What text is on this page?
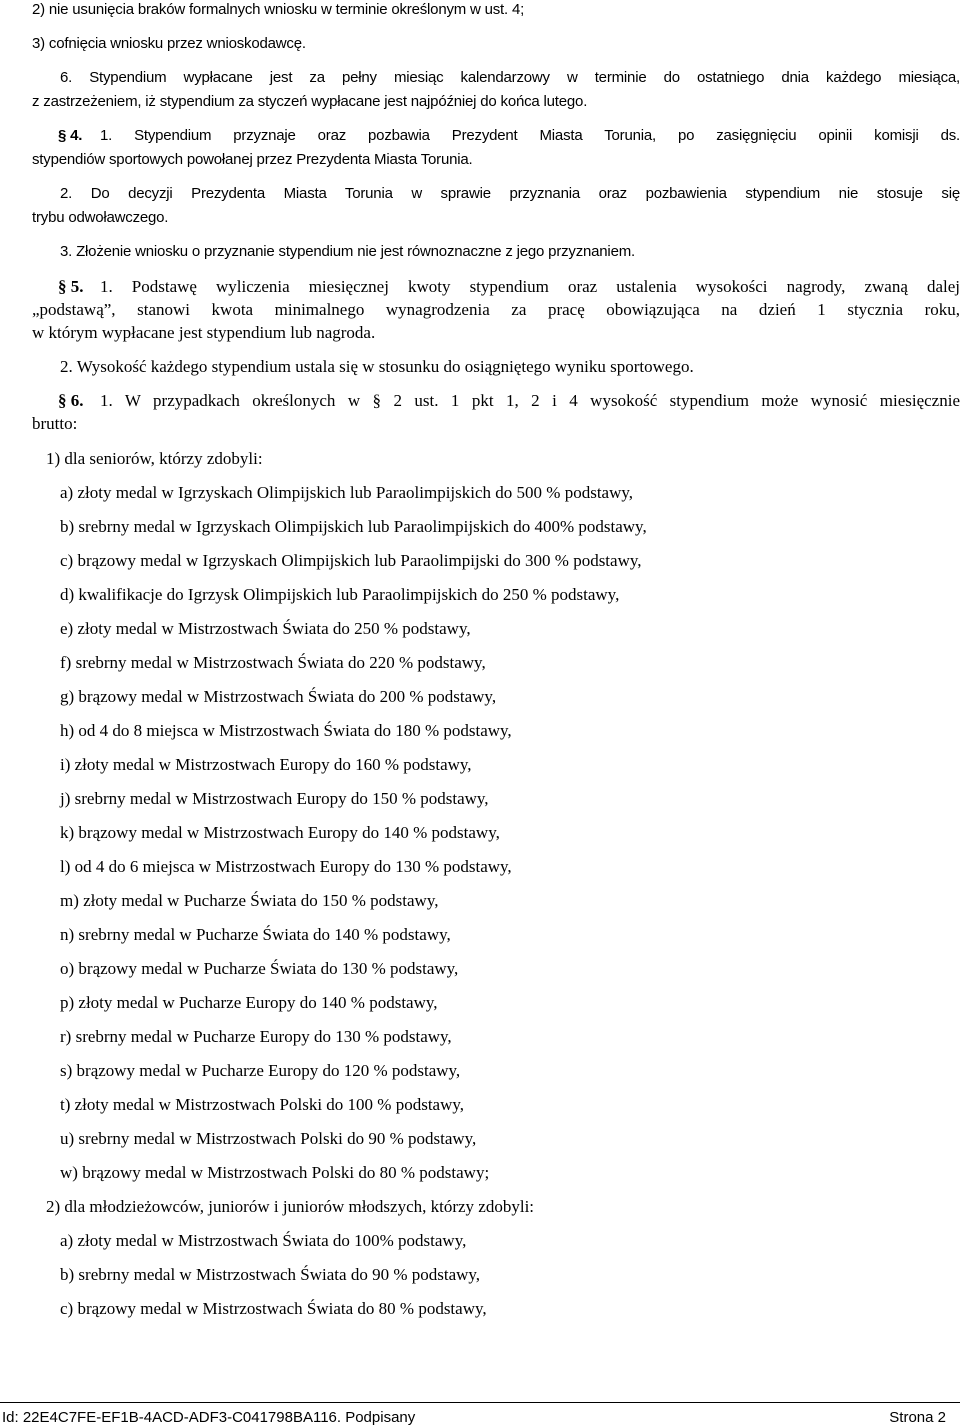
2) nie usunięcia braków formalnych wniosku w terminie określonym w ust. 4;
3) cofnięcia wniosku przez wnioskodawcę.
6. Stypendium wypłacane jest za pełny miesiąc kalendarzowy w terminie do ostatniego dnia każdego miesiąca,
z zastrzeżeniem, iż stypendium za styczeń wypłacane jest najpóźniej do końca lutego.
§ 4. 1. Stypendium przyznaje oraz pozbawia Prezydent Miasta Torunia, po zasięgnięciu opinii komisji ds.
stypendiów sportowych powołanej przez Prezydenta Miasta Torunia.
2. Do decyzji Prezydenta Miasta Torunia w sprawie przyznania oraz pozbawienia stypendium nie stosuje się
trybu odwoławczego.
3. Złożenie wniosku o przyznanie stypendium nie jest równoznaczne z jego przyznaniem.
§ 5. 1. Podstawę wyliczenia miesięcznej kwoty stypendium oraz ustalenia wysokości nagrody, zwaną dalej
„podstawą”, stanowi kwota minimalnego wynagrodzenia za pracę obowiązująca na dzień 1 stycznia roku,
w którym wypłacane jest stypendium lub nagroda.
2. Wysokość każdego stypendium ustala się w stosunku do osiągniętego wyniku sportowego.
§ 6. 1. W przypadkach określonych w § 2 ust. 1 pkt 1, 2 i 4 wysokość stypendium może wynosić miesięcznie
brutto:
1) dla seniorów, którzy zdobyli:
a) złoty medal w Igrzyskach Olimpijskich lub Paraolimpijskich do 500 % podstawy,
b) srebrny medal w Igrzyskach Olimpijskich lub Paraolimpijskich do 400% podstawy,
c) brązowy medal w Igrzyskach Olimpijskich lub Paraolimpijski do 300 % podstawy,
d) kwalifikacje do Igrzysk Olimpijskich lub Paraolimpijskich do 250 % podstawy,
e) złoty medal w Mistrzostwach Świata do 250 % podstawy,
f) srebrny medal w Mistrzostwach Świata do 220 % podstawy,
g) brązowy medal w Mistrzostwach Świata do 200 % podstawy,
h) od 4 do 8 miejsca w Mistrzostwach Świata do 180 % podstawy,
i) złoty medal w Mistrzostwach Europy do 160 % podstawy,
j) srebrny medal w Mistrzostwach Europy do 150 % podstawy,
k) brązowy medal w Mistrzostwach Europy do 140 % podstawy,
l) od 4 do 6 miejsca w Mistrzostwach Europy do 130 % podstawy,
m) złoty medal w Pucharze Świata do 150 % podstawy,
n) srebrny medal w Pucharze Świata do 140 % podstawy,
o) brązowy medal w Pucharze Świata do 130 % podstawy,
p) złoty medal w Pucharze Europy do 140 % podstawy,
r) srebrny medal w Pucharze Europy do 130 % podstawy,
s) brązowy medal w Pucharze Europy do 120 % podstawy,
t) złoty medal w Mistrzostwach Polski do 100 % podstawy,
u) srebrny medal w Mistrzostwach Polski do 90 % podstawy,
w) brązowy medal w Mistrzostwach Polski do 80 % podstawy;
2) dla młodzieżowców, juniorów i juniorów młodszych, którzy zdobyli:
a) złoty medal w Mistrzostwach Świata do 100% podstawy,
b) srebrny medal w Mistrzostwach Świata do 90 % podstawy,
c) brązowy medal w Mistrzostwach Świata do 80 % podstawy,
Id: 22E4C7FE-EF1B-4ACD-ADF3-C041798BA116. Podpisany	Strona 2
